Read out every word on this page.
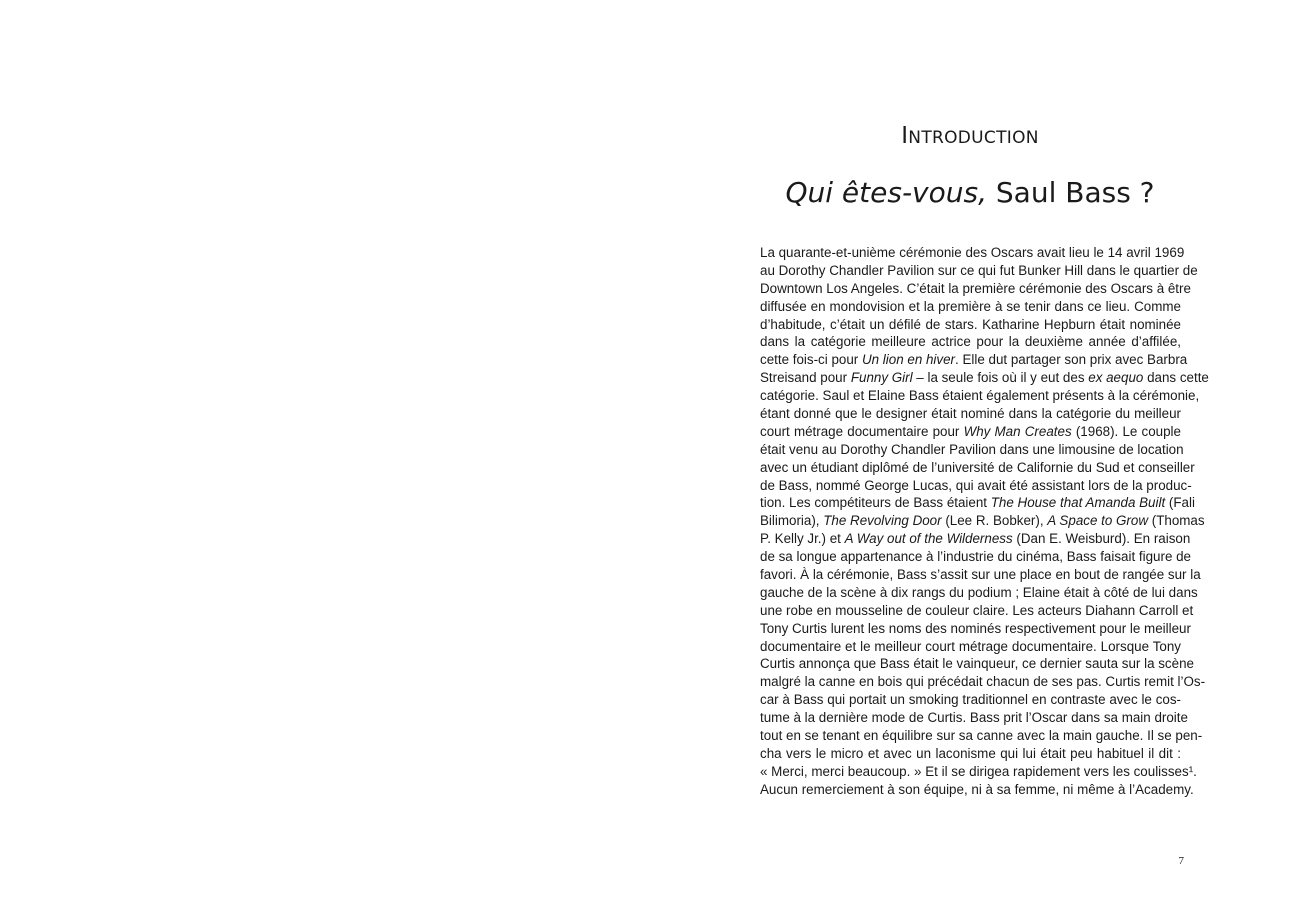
INTRODUCTION
Qui êtes-vous, Saul Bass ?
La quarante-et-unième cérémonie des Oscars avait lieu le 14 avril 1969
au Dorothy Chandler Pavilion sur ce qui fut Bunker Hill dans le quartier de
Downtown Los Angeles. C’était la première cérémonie des Oscars à être
diffusée en mondovision et la première à se tenir dans ce lieu. Comme
d’habitude, c’était un défilé de stars. Katharine Hepburn était nominée
dans la catégorie meilleure actrice pour la deuxième année d’affilée,
cette fois-ci pour Un lion en hiver. Elle dut partager son prix avec Barbra
Streisand pour Funny Girl – la seule fois où il y eut des ex aequo dans cette
catégorie. Saul et Elaine Bass étaient également présents à la cérémonie,
étant donné que le designer était nominé dans la catégorie du meilleur
court métrage documentaire pour Why Man Creates (1968). Le couple
était venu au Dorothy Chandler Pavilion dans une limousine de location
avec un étudiant diplômé de l’université de Californie du Sud et conseiller
de Bass, nommé George Lucas, qui avait été assistant lors de la produc-
tion. Les compétiteurs de Bass étaient The House that Amanda Built (Fali
Bilimoria), The Revolving Door (Lee R. Bobker), A Space to Grow (Thomas
P. Kelly Jr.) et A Way out of the Wilderness (Dan E. Weisburd). En raison
de sa longue appartenance à l’industrie du cinéma, Bass faisait figure de
favori. À la cérémonie, Bass s’assit sur une place en bout de rangée sur la
gauche de la scène à dix rangs du podium ; Elaine était à côté de lui dans
une robe en mousseline de couleur claire. Les acteurs Diahann Carroll et
Tony Curtis lurent les noms des nominés respectivement pour le meilleur
documentaire et le meilleur court métrage documentaire. Lorsque Tony
Curtis annonça que Bass était le vainqueur, ce dernier sauta sur la scène
malgré la canne en bois qui précédait chacun de ses pas. Curtis remit l’Os-
car à Bass qui portait un smoking traditionnel en contraste avec le cos-
tume à la dernière mode de Curtis. Bass prit l’Oscar dans sa main droite
tout en se tenant en équilibre sur sa canne avec la main gauche. Il se pen-
cha vers le micro et avec un laconisme qui lui était peu habituel il dit :
« Merci, merci beaucoup. » Et il se dirigea rapidement vers les coulisses¹.
Aucun remerciement à son équipe, ni à sa femme, ni même à l’Academy.
7
